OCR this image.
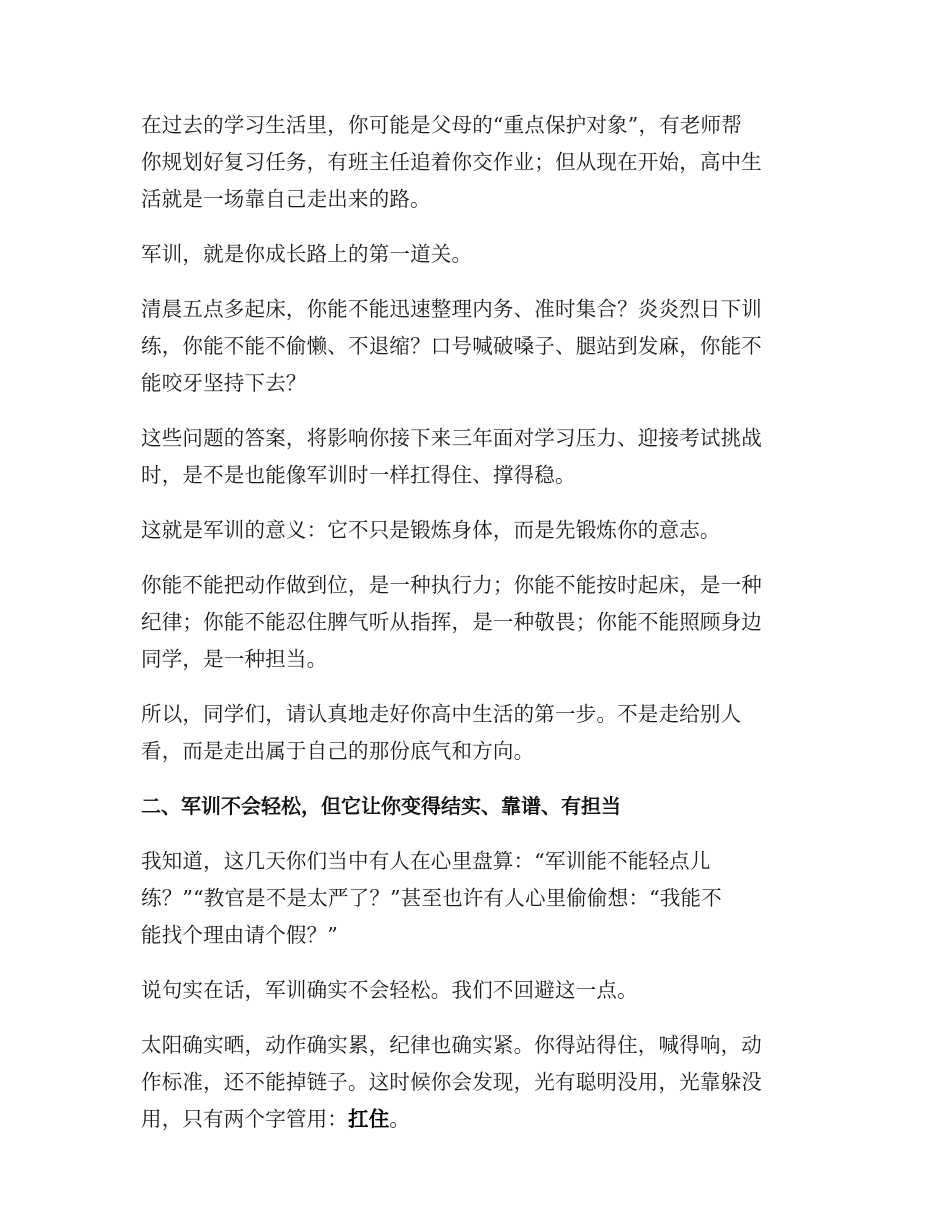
在过去的学习生活里，你可能是父母的“重点保护对象”，有老师帮
你规划好复习任务，有班主任追着你交作业；但从现在开始，高中生
活就是一场靠自己走出来的路。

军训，就是你成长路上的第一道关。

清晨五点多起床，你能不能迅速整理内务、准时集合？炎炎烈日下训
练，你能不能不偷懒、不退缩？口号喊破嗓子、腿站到发麻，你能不
能咬牙坚持下去？

这些问题的答案，将影响你接下来三年面对学习压力、迎接考试挑战
时，是不是也能像军训时一样扛得住、撑得稳。

这就是军训的意义：它不只是锻炼身体，而是先锻炼你的意志。

你能不能把动作做到位，是一种执行力；你能不能按时起床，是一种
纪律；你能不能忍住脾气听从指挥，是一种敬畏；你能不能照顾身边
同学，是一种担当。

所以，同学们，请认真地走好你高中生活的第一步。不是走给别人
看，而是走出属于自己的那份底气和方向。

二、军训不会轻松，但它让你变得结实、靠谱、有担当

我知道，这几天你们当中有人在心里盘算：“军训能不能轻点儿
练？”“教官是不是太严了？”甚至也许有人心里偷偷想：“我能不
能找个理由请个假？”

说句实在话，军训确实不会轻松。我们不回避这一点。

太阳确实晒，动作确实累，纪律也确实紧。你得站得住，喊得响，动
作标准，还不能掉链子。这时候你会发现，光有聪明没用，光靠躲没
用，只有两个字管用：扛住。
